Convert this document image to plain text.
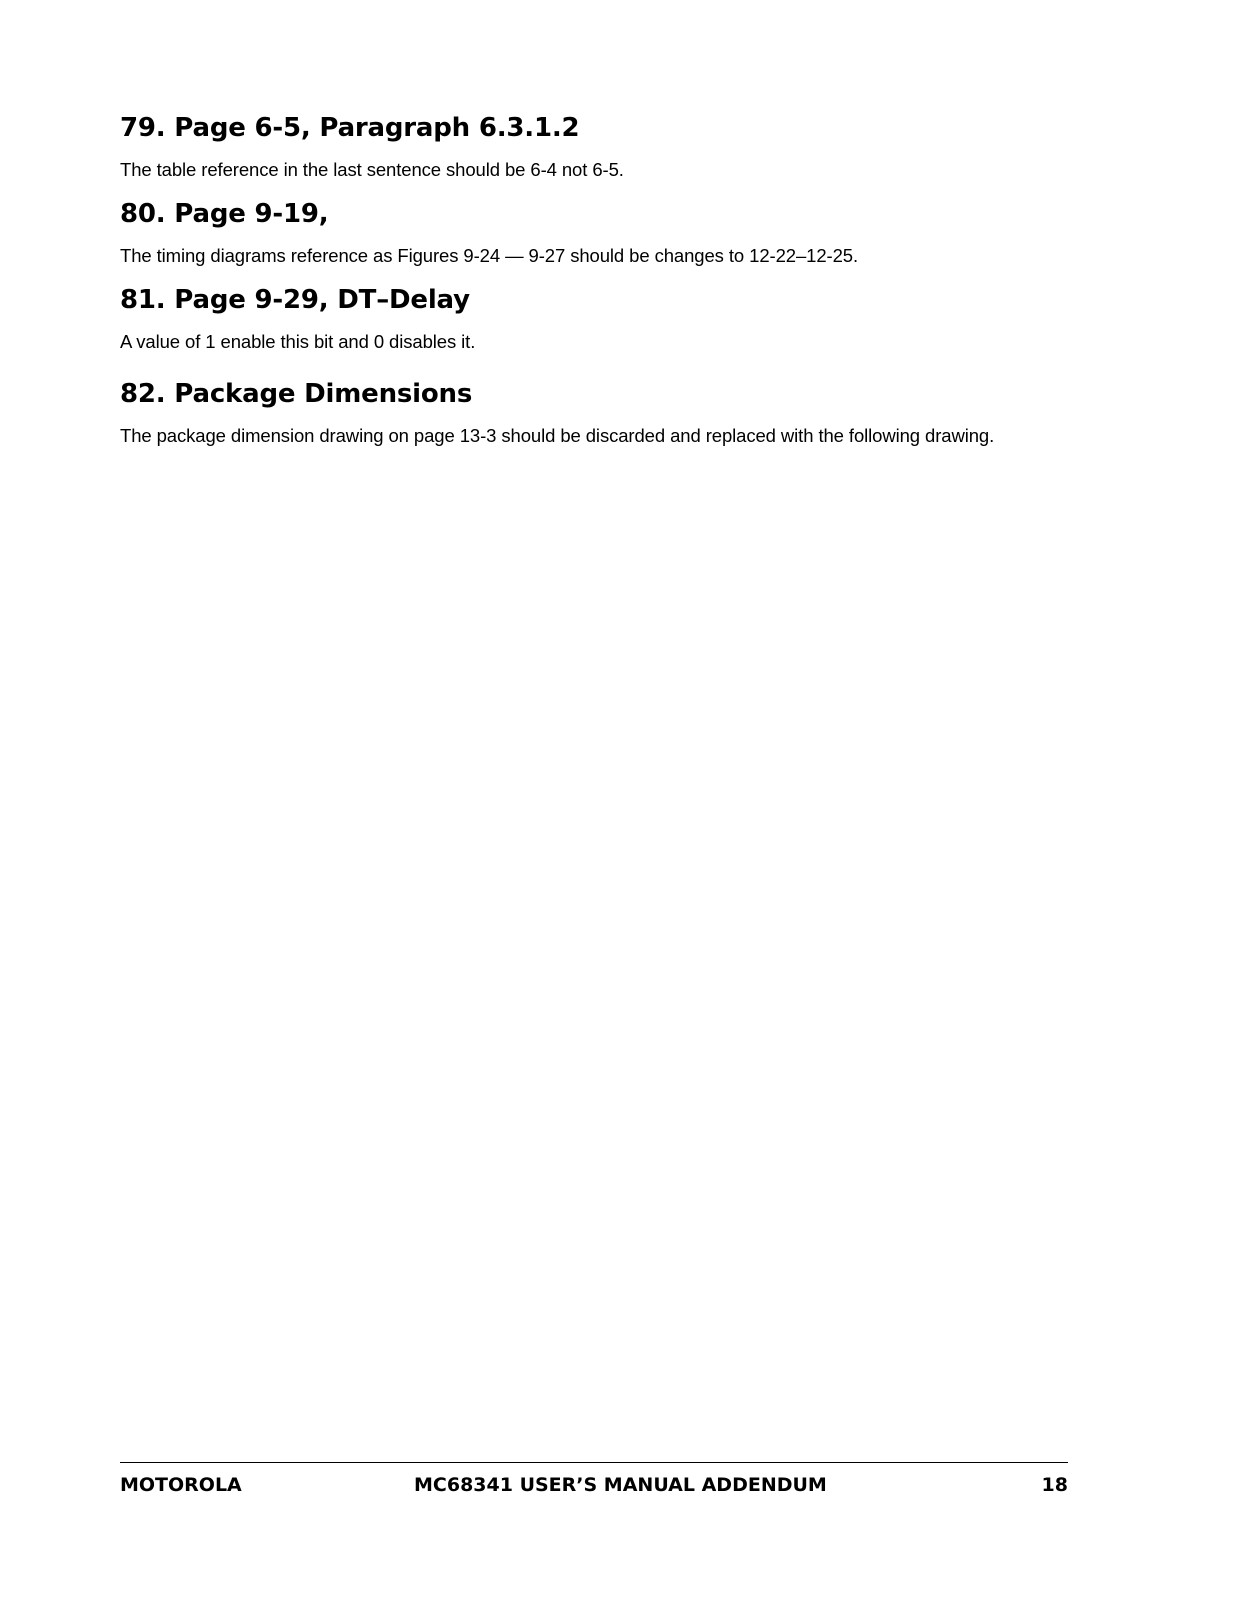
79. Page 6-5, Paragraph 6.3.1.2

The table reference in the last sentence should be 6-4 not 6-5.

80. Page 9-19,

The timing diagrams reference as Figures 9-24 — 9-27 should be changes to 12-22–12-25.

81. Page 9-29, DT–Delay

A value of 1 enable this bit and 0 disables it.

82. Package Dimensions

The package dimension drawing on page 13-3 should be discarded and replaced with the following drawing.

MOTOROLA	MC68341 USER’S MANUAL ADDENDUM	18
